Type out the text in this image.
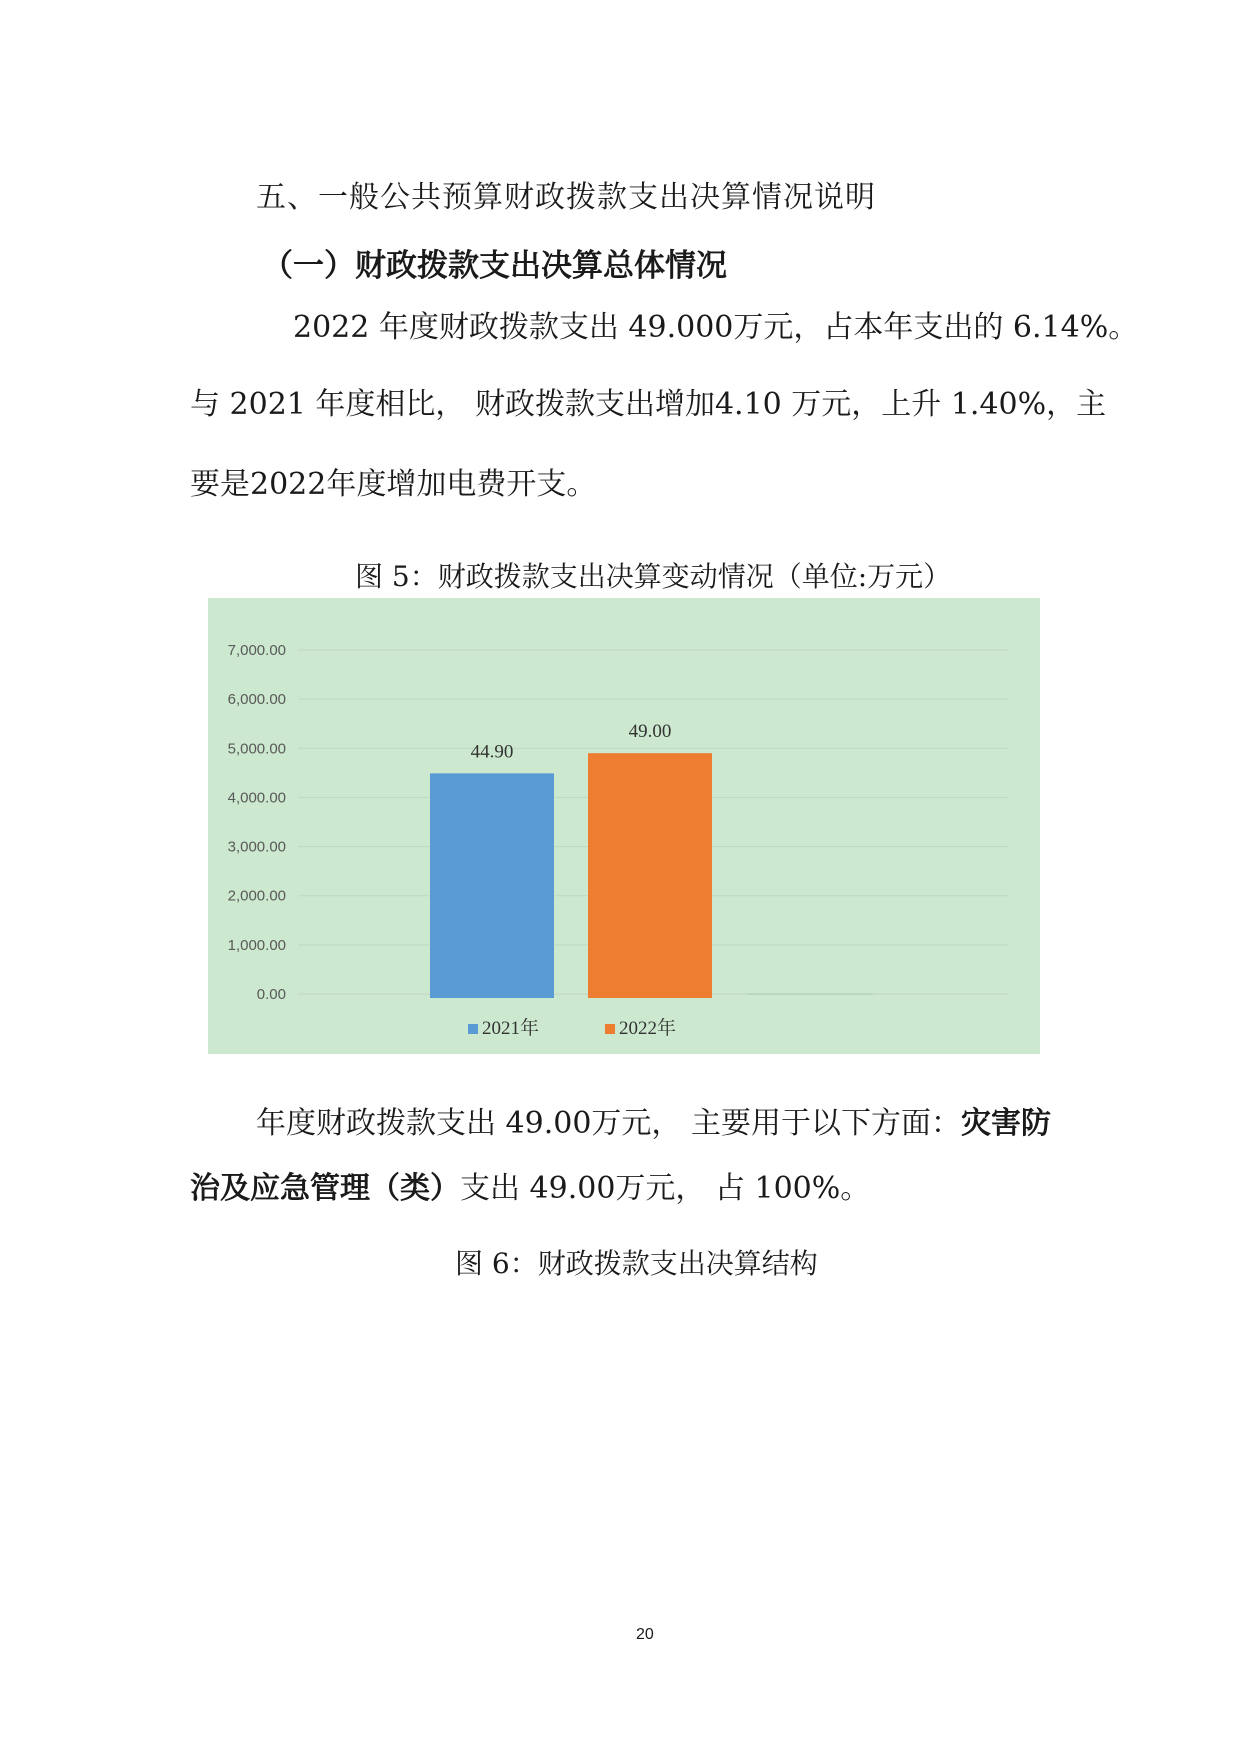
五、一般公共预算财政拨款支出决算情况说明
（一）财政拨款支出决算总体情况
2022 年度财政拨款支出 49.000万元，占本年支出的 6.14%。
与 2021 年度相比， 财政拨款支出增加4.10 万元，上升 1.40%，主
要是2022年度增加电费开支。
图 5：财政拨款支出决算变动情况（单位:万元）
0.00
1,000.00
2,000.00
3,000.00
4,000.00
5,000.00
6,000.00
7,000.00
44.90
49.00
2021年	2022年
年度财政拨款支出 49.00万元， 主要用于以下方面：灾害防
治及应急管理（类）支出 49.00万元， 占 100%。
图 6：财政拨款支出决算结构
20
